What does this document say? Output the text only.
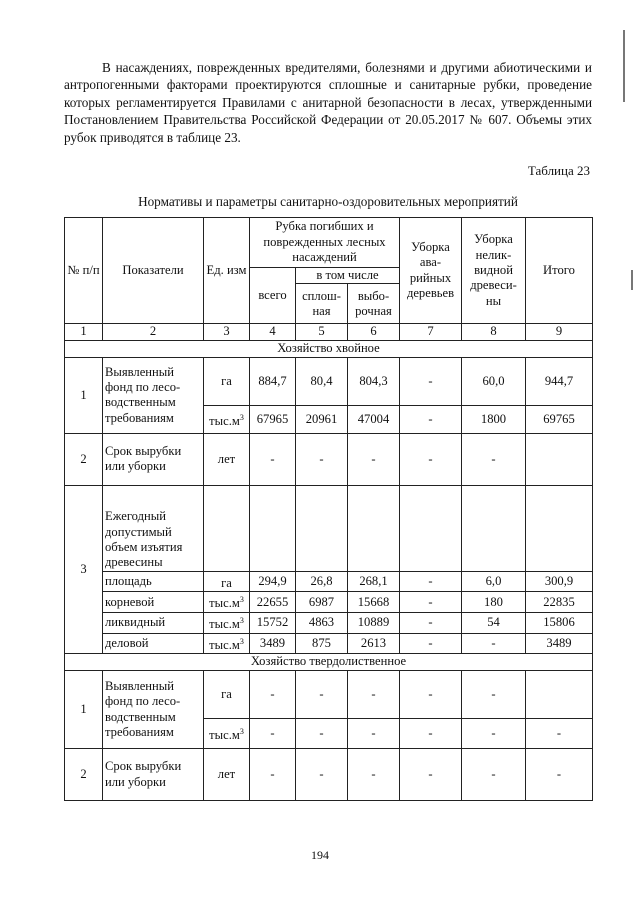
В насаждениях, поврежденных вредителями, болезнями и другими абиотическими и антропогенными факторами проектируются сплошные и санитарные рубки, проведение которых регламентируется Правилами с анитарной безопасности в лесах, утвержденными Постановлением Правительства Российской Федерации от 20.05.2017 № 607. Объемы этих рубок приводятся в таблице 23.
Таблица 23
Нормативы и параметры санитарно-оздоровительных мероприятий
№ п/п	Показатели	Ед. изм	Рубка погибших и поврежденных лесных насаждений			Уборка ава-рийных деревьев	Уборка нелик-видной древеси-ны	Итого
			всего	в том числе				
				сплош-ная	выбо-рочная			
1	2	3	4	5	6	7	8	9
Хозяйство хвойное								
1	Выявленный фонд по лесо-водственным требованиям	га	884,7	80,4	804,3	-	60,0	944,7
		$тыс.м^3$	67965	20961	47004	-	1800	69765
2	Срок вырубки или уборки	лет	-	-	-	-	-	
3	Ежегодный допустимый объем изъятия древесины							
	площадь	га	294,9	26,8	268,1	-	6,0	300,9
	корневой	$тыс.м^3$	22655	6987	15668	-	180	22835
	ликвидный	$тыс.м^3$	15752	4863	10889	-	54	15806
	деловой	$тыс.м^3$	3489	875	2613	-	-	3489
Хозяйство твердолиственное								
1	Выявленный фонд по лесо-водственным требованиям	га	-	-	-	-	-	
		$тыс.м^3$	-	-	-	-	-	-
2	Срок вырубки или уборки	лет	-	-	-	-	-	-
194
